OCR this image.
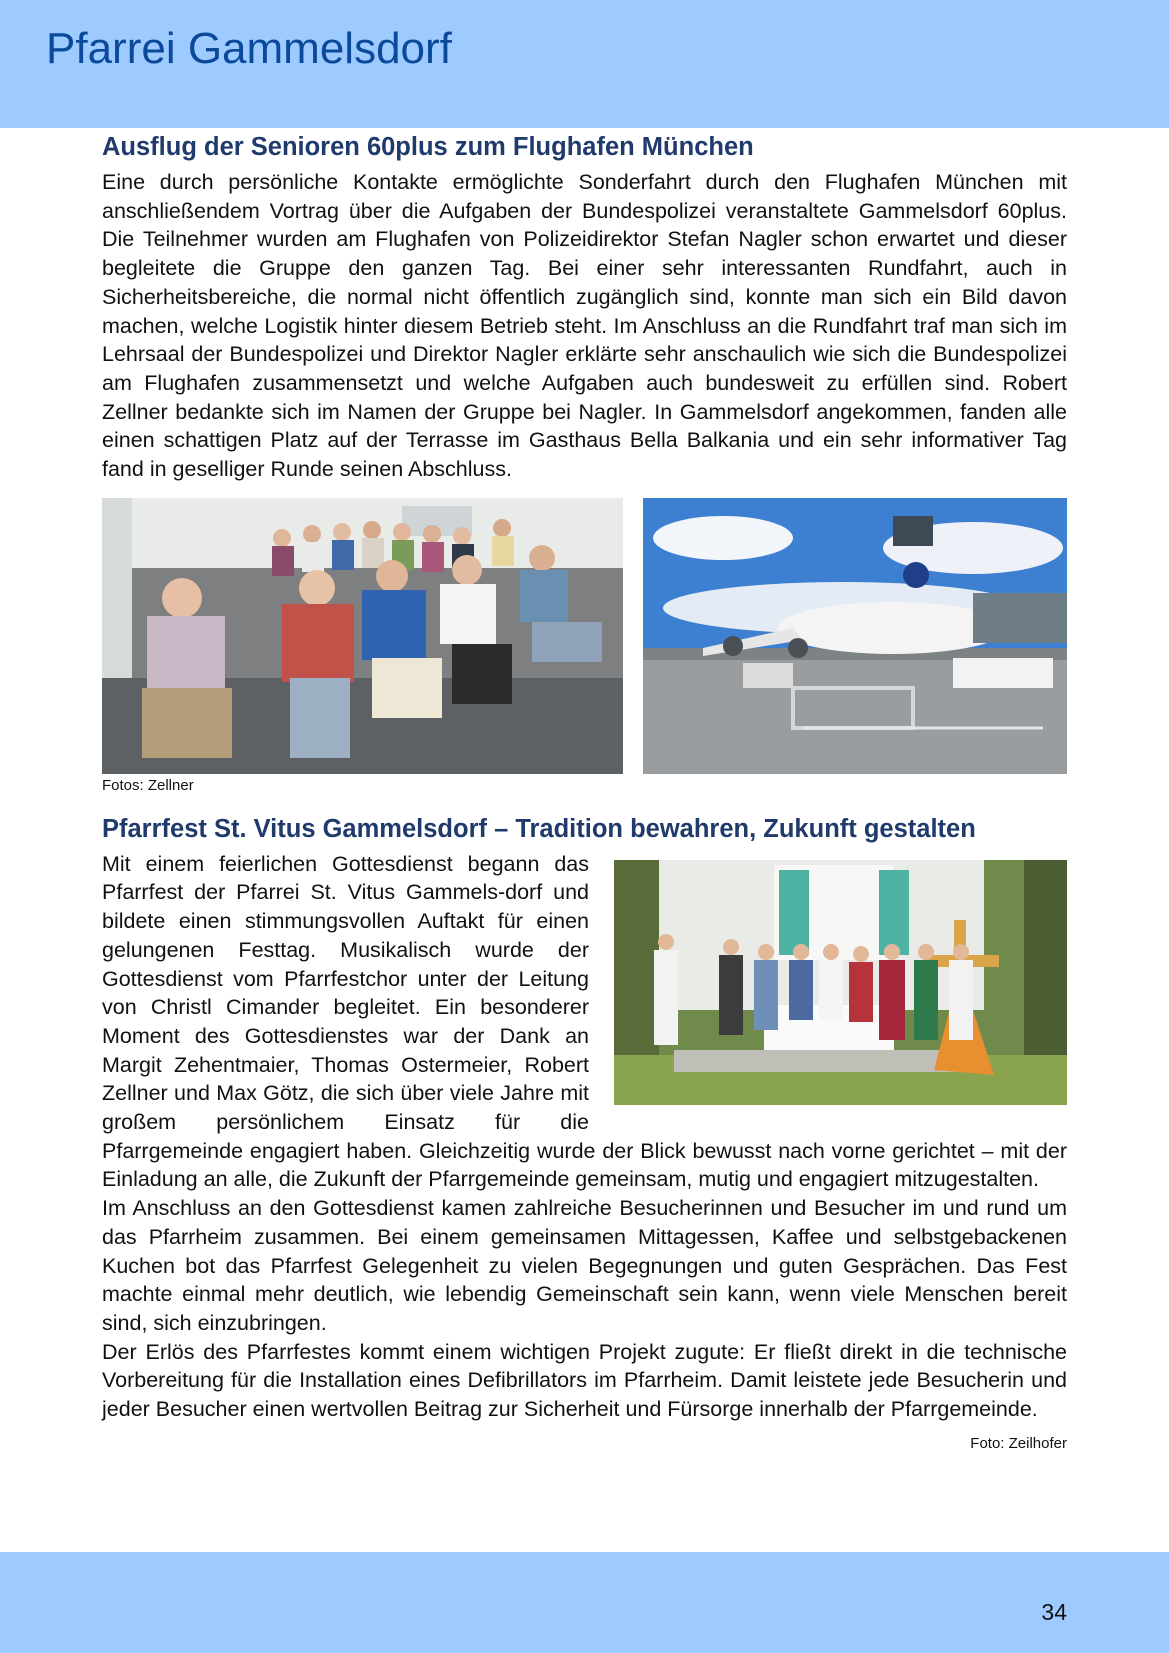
Pfarrei Gammelsdorf
Ausflug der Senioren 60plus zum Flughafen München

Eine durch persönliche Kontakte ermöglichte Sonderfahrt durch den Flughafen München mit anschließendem Vortrag über die Aufgaben der Bundespolizei veranstaltete Gammelsdorf 60plus. Die Teilnehmer wurden am Flughafen von Polizeidirektor Stefan Nagler schon erwartet und dieser begleitete die Gruppe den ganzen Tag. Bei einer sehr interessanten Rundfahrt, auch in Sicherheitsbereiche, die normal nicht öffentlich zugänglich sind, konnte man sich ein Bild davon machen, welche Logistik hinter diesem Betrieb steht. Im Anschluss an die Rundfahrt traf man sich im Lehrsaal der Bundespolizei und Direktor Nagler erklärte sehr anschaulich wie sich die Bundespolizei am Flughafen zusammensetzt und welche Aufgaben auch bundesweit zu erfüllen sind. Robert Zellner bedankte sich im Namen der Gruppe bei Nagler. In Gammelsdorf angekommen, fanden alle einen schattigen Platz auf der Terrasse im Gasthaus Bella Balkania und ein sehr informativer Tag fand in geselliger Runde seinen Abschluss.

Fotos: Zellner
Pfarrfest St. Vitus Gammelsdorf – Tradition bewahren, Zukunft gestalten

Mit einem feierlichen Gottesdienst begann das Pfarrfest der Pfarrei St. Vitus Gammels-dorf und bildete einen stimmungsvollen Auftakt für einen gelungenen Festtag. Musikalisch wurde der Gottesdienst vom Pfarrfestchor unter der Leitung von Christl Cimander begleitet. Ein besonderer Moment des Gottesdienstes war der Dank an Margit Zehentmaier, Thomas Ostermeier, Robert Zellner und Max Götz, die sich über viele Jahre mit großem persönlichem Einsatz für die Pfarrgemeinde engagiert haben. Gleichzeitig wurde der Blick bewusst nach vorne gerichtet – mit der Einladung an alle, die Zukunft der Pfarrgemeinde gemeinsam, mutig und engagiert mitzugestalten.

Im Anschluss an den Gottesdienst kamen zahlreiche Besucherinnen und Besucher im und rund um das Pfarrheim zusammen. Bei einem gemeinsamen Mittagessen, Kaffee und selbstgebackenen Kuchen bot das Pfarrfest Gelegenheit zu vielen Begegnungen und guten Gesprächen. Das Fest machte einmal mehr deutlich, wie lebendig Gemeinschaft sein kann, wenn viele Menschen bereit sind, sich einzubringen.

Der Erlös des Pfarrfestes kommt einem wichtigen Projekt zugute: Er fließt direkt in die technische Vorbereitung für die Installation eines Defibrillators im Pfarrheim. Damit leistete jede Besucherin und jeder Besucher einen wertvollen Beitrag zur Sicherheit und Fürsorge innerhalb der Pfarrgemeinde.
Foto: Zeilhofer

34
